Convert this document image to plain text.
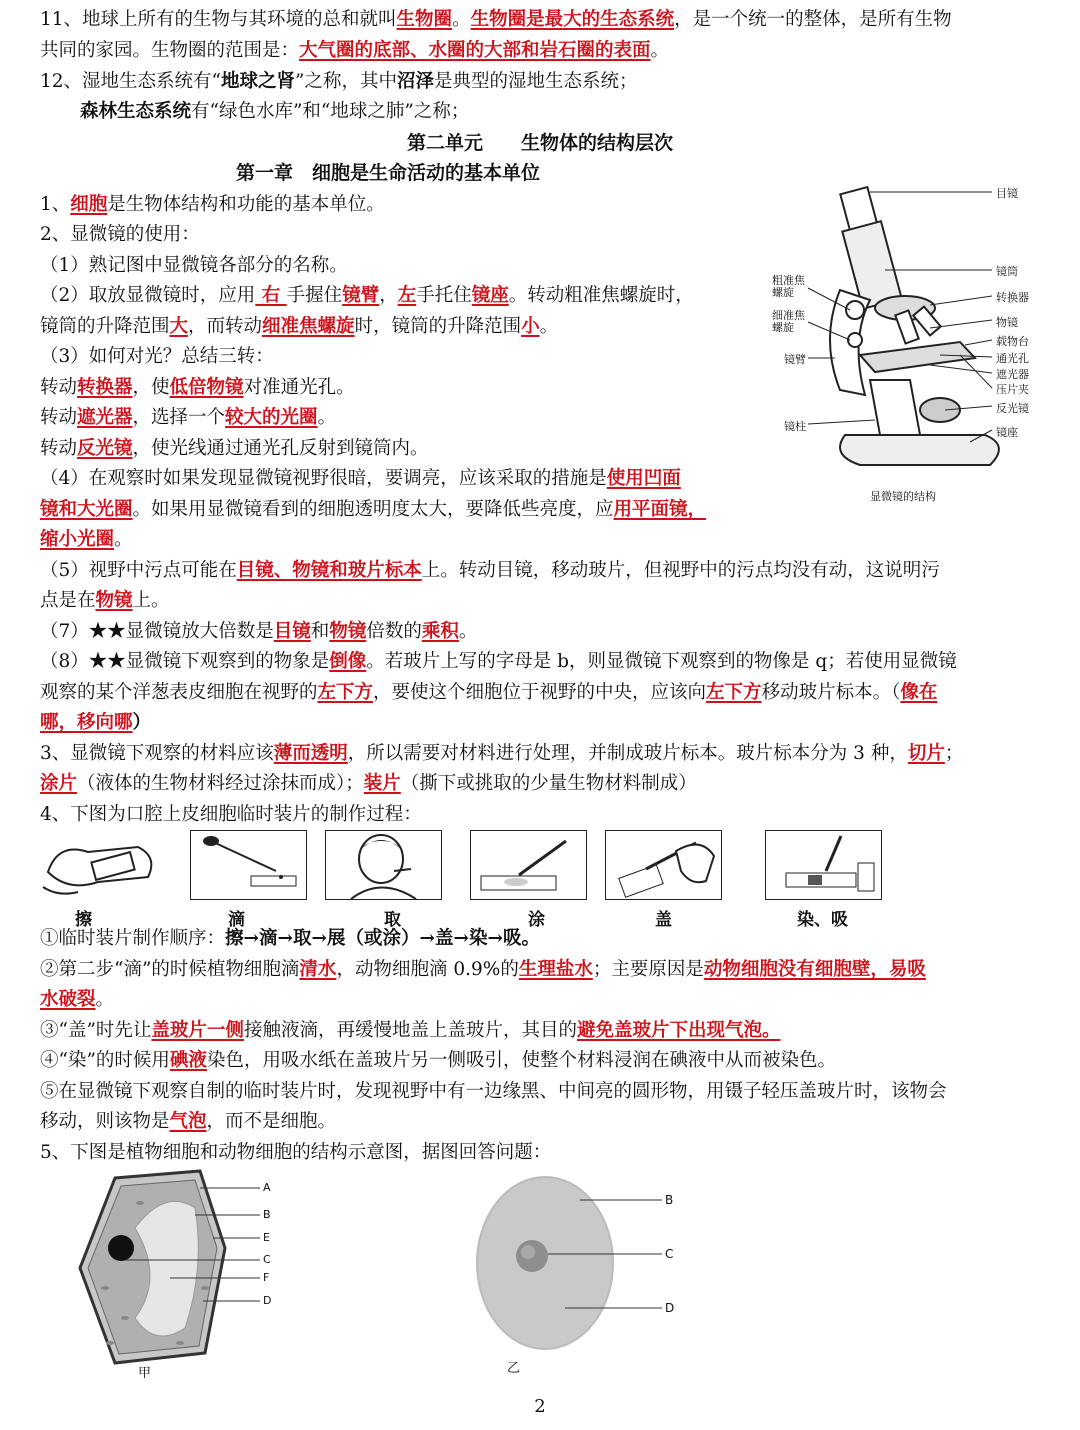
11、地球上所有的生物与其环境的总和就叫生物圈。生物圈是最大的生态系统，是一个统一的整体，是所有生物
共同的家园。生物圈的范围是：大气圈的底部、水圈的大部和岩石圈的表面。
12、湿地生态系统有“地球之肾”之称，其中沼泽是典型的湿地生态系统；
森林生态系统有“绿色水库”和“地球之肺”之称；
第二单元　　生物体的结构层次
第一章　细胞是生命活动的基本单位
1、细胞是生物体结构和功能的基本单位。
2、显微镜的使用：
（1）熟记图中显微镜各部分的名称。
（2）取放显微镜时，应用 右 手握住镜臂，左手托住镜座。转动粗准焦螺旋时，
镜筒的升降范围大，而转动细准焦螺旋时，镜筒的升降范围小。
（3）如何对光？总结三转：
转动转换器，使低倍物镜对准通光孔。
转动遮光器，选择一个较大的光圈。
转动反光镜，使光线通过通光孔反射到镜筒内。
（4）在观察时如果发现显微镜视野很暗，要调亮，应该采取的措施是使用凹面
镜和大光圈。如果用显微镜看到的细胞透明度太大，要降低些亮度，应用平面镜，
缩小光圈。
（5）视野中污点可能在目镜、物镜和玻片标本上。转动目镜，移动玻片，但视野中的污点均没有动，这说明污
点是在物镜上。
（7）★★显微镜放大倍数是目镜和物镜倍数的乘积。
（8）★★显微镜下观察到的物象是倒像。若玻片上写的字母是 b，则显微镜下观察到的物像是 q；若使用显微镜
观察的某个洋葱表皮细胞在视野的左下方，要使这个细胞位于视野的中央，应该向左下方移动玻片标本。（像在
哪，移向哪）
3、显微镜下观察的材料应该薄而透明，所以需要对材料进行处理，并制成玻片标本。玻片标本分为 3 种，切片；
涂片（液体的生物材料经过涂抹而成）；装片（撕下或挑取的少量生物材料制成）
4、下图为口腔上皮细胞临时装片的制作过程：
擦	滴	取	涂	盖	染、吸
①临时装片制作顺序：擦→滴→取→展（或涂）→盖→染→吸。
②第二步“滴”的时候植物细胞滴清水，动物细胞滴 0.9%的生理盐水；主要原因是动物细胞没有细胞壁，易吸
水破裂。
③“盖”时先让盖玻片一侧接触液滴，再缓慢地盖上盖玻片，其目的避免盖玻片下出现气泡。
④“染”的时候用碘液染色，用吸水纸在盖玻片另一侧吸引，使整个材料浸润在碘液中从而被染色。
⑤在显微镜下观察自制的临时装片时，发现视野中有一边缘黑、中间亮的圆形物，用镊子轻压盖玻片时，该物会
移动，则该物是气泡，而不是细胞。
5、下图是植物细胞和动物细胞的结构示意图，据图回答问题：
目镜
镜筒
转换器
物镜
载物台
通光孔
遮光器
压片夹
反光镜
镜座
粗准焦螺旋
细准焦螺旋
镜臂
镜柱
显微镜的结构
A
B
E
C
F
D
甲
B
C
D
乙
2
